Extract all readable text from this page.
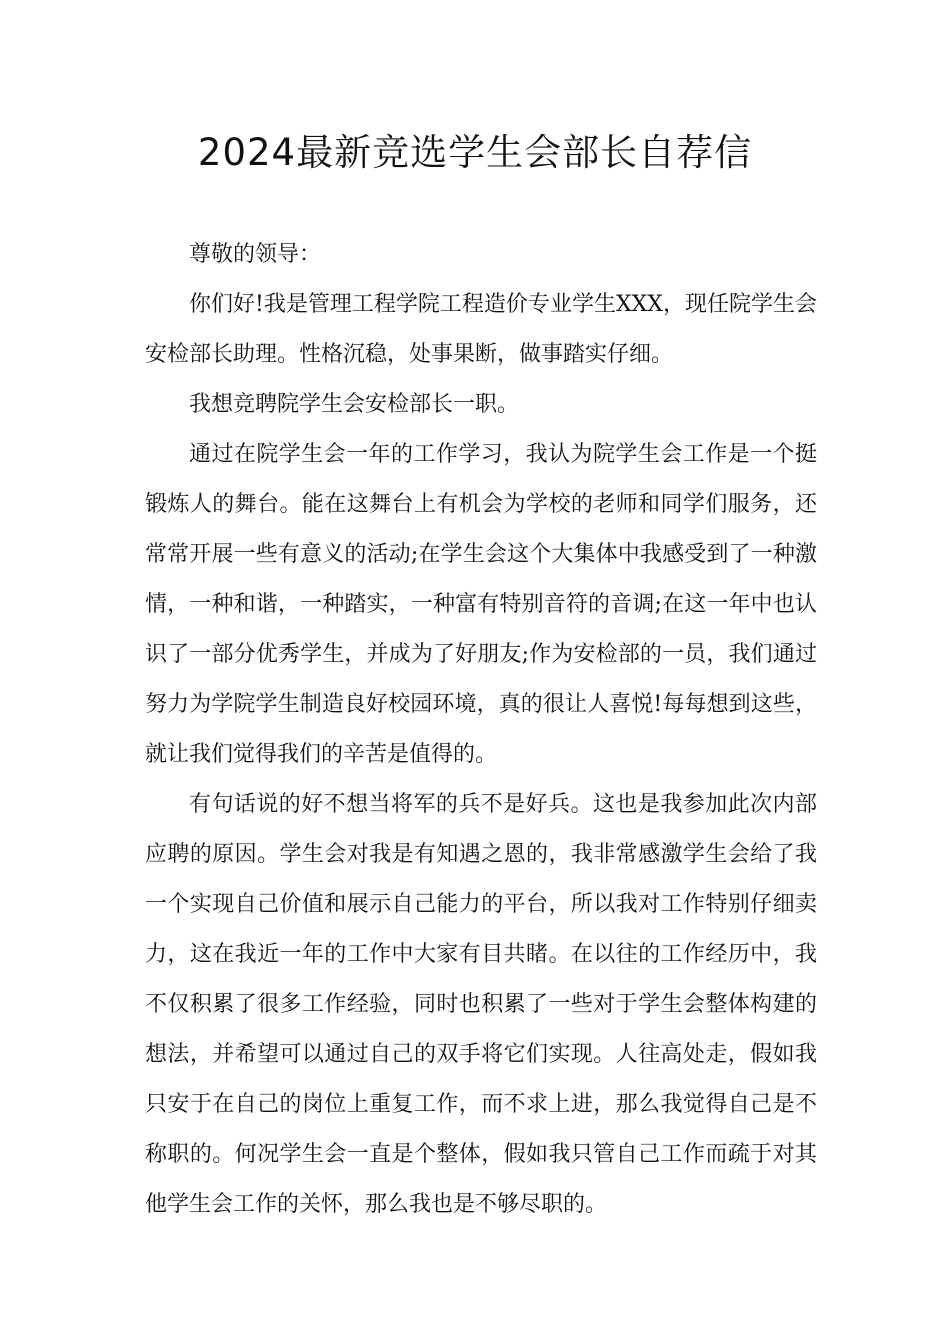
2024最新竞选学生会部长自荐信

尊敬的领导：

你们好!我是管理工程学院工程造价专业学生XXX，现任院学生会安检部长助理。性格沉稳，处事果断，做事踏实仔细。

我想竞聘院学生会安检部长一职。

通过在院学生会一年的工作学习，我认为院学生会工作是一个挺锻炼人的舞台。能在这舞台上有机会为学校的老师和同学们服务，还常常开展一些有意义的活动;在学生会这个大集体中我感受到了一种激情，一种和谐，一种踏实，一种富有特别音符的音调;在这一年中也认识了一部分优秀学生，并成为了好朋友;作为安检部的一员，我们通过努力为学院学生制造良好校园环境，真的很让人喜悦!每每想到这些，就让我们觉得我们的辛苦是值得的。

有句话说的好不想当将军的兵不是好兵。这也是我参加此次内部应聘的原因。学生会对我是有知遇之恩的，我非常感激学生会给了我一个实现自己价值和展示自己能力的平台，所以我对工作特别仔细卖力，这在我近一年的工作中大家有目共睹。在以往的工作经历中，我不仅积累了很多工作经验，同时也积累了一些对于学生会整体构建的想法，并希望可以通过自己的双手将它们实现。人往高处走，假如我只安于在自己的岗位上重复工作，而不求上进，那么我觉得自己是不称职的。何况学生会一直是个整体，假如我只管自己工作而疏于对其他学生会工作的关怀，那么我也是不够尽职的。
